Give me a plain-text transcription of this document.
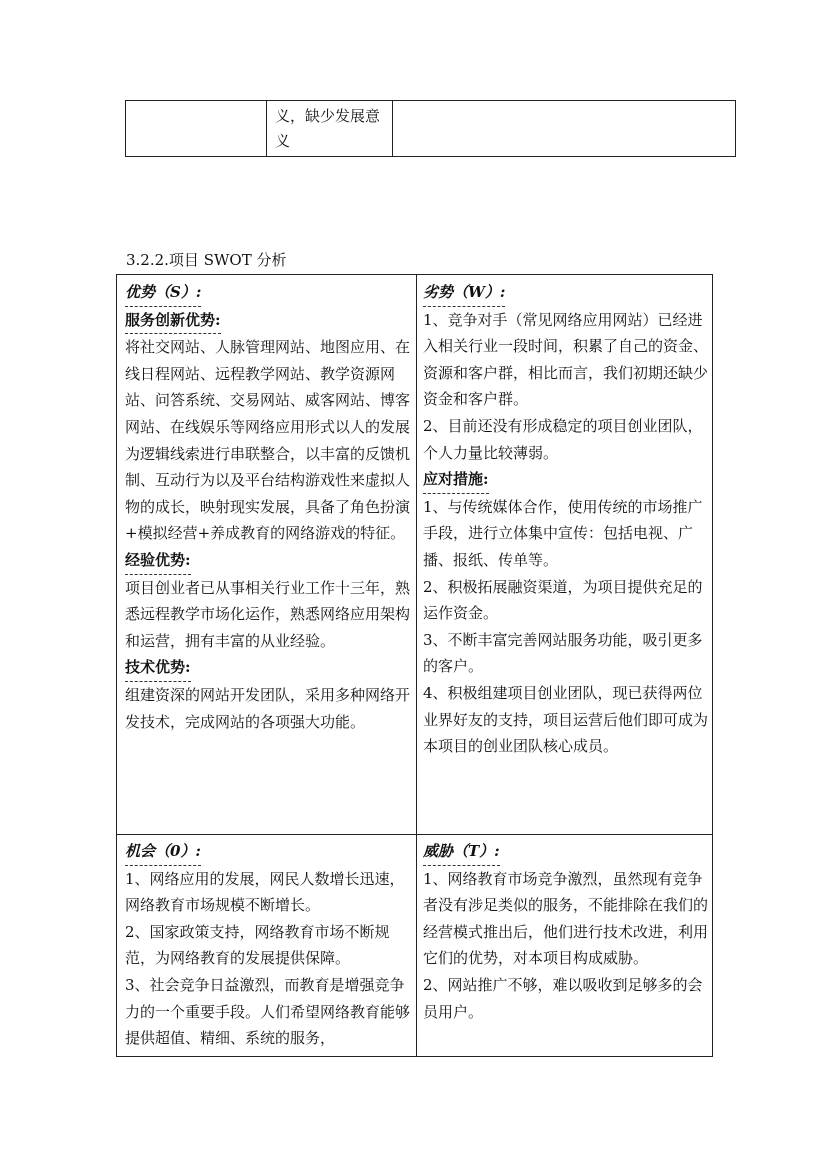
义，缺少发展意义
3.2.2.项目 SWOT 分析

优势（S）:

服务创新优势:

将社交网站、人脉管理网站、地图应用、在线日程网站、远程教学网站、教学资源网站、问答系统、交易网站、威客网站、博客网站、在线娱乐等网络应用形式以人的发展为逻辑线索进行串联整合，以丰富的反馈机制、互动行为以及平台结构游戏性来虚拟人物的成长，映射现实发展，具备了角色扮演+模拟经营+养成教育的网络游戏的特征。

经验优势:

项目创业者已从事相关行业工作十三年，熟悉远程教学市场化运作，熟悉网络应用架构和运营，拥有丰富的从业经验。

技术优势:

组建资深的网站开发团队，采用多种网络开发技术，完成网站的各项强大功能。

劣势（W）:

1、竞争对手（常见网络应用网站）已经进入相关行业一段时间，积累了自己的资金、资源和客户群，相比而言，我们初期还缺少资金和客户群。

2、目前还没有形成稳定的项目创业团队，个人力量比较薄弱。

应对措施:

1、与传统媒体合作，使用传统的市场推广手段，进行立体集中宣传：包括电视、广播、报纸、传单等。

2、积极拓展融资渠道，为项目提供充足的运作资金。

3、不断丰富完善网站服务功能，吸引更多的客户。

4、积极组建项目创业团队，现已获得两位业界好友的支持，项目运营后他们即可成为本项目的创业团队核心成员。

机会（0）:

1、网络应用的发展，网民人数增长迅速，网络教育市场规模不断增长。

2、国家政策支持，网络教育市场不断规范，为网络教育的发展提供保障。

3、社会竞争日益激烈，而教育是增强竞争力的一个重要手段。人们希望网络教育能够提供超值、精细、系统的服务，

威胁（T）:

1、网络教育市场竞争激烈，虽然现有竞争者没有涉足类似的服务，不能排除在我们的经营模式推出后，他们进行技术改进，利用它们的优势，对本项目构成威胁。

2、网站推广不够，难以吸收到足够多的会员用户。
